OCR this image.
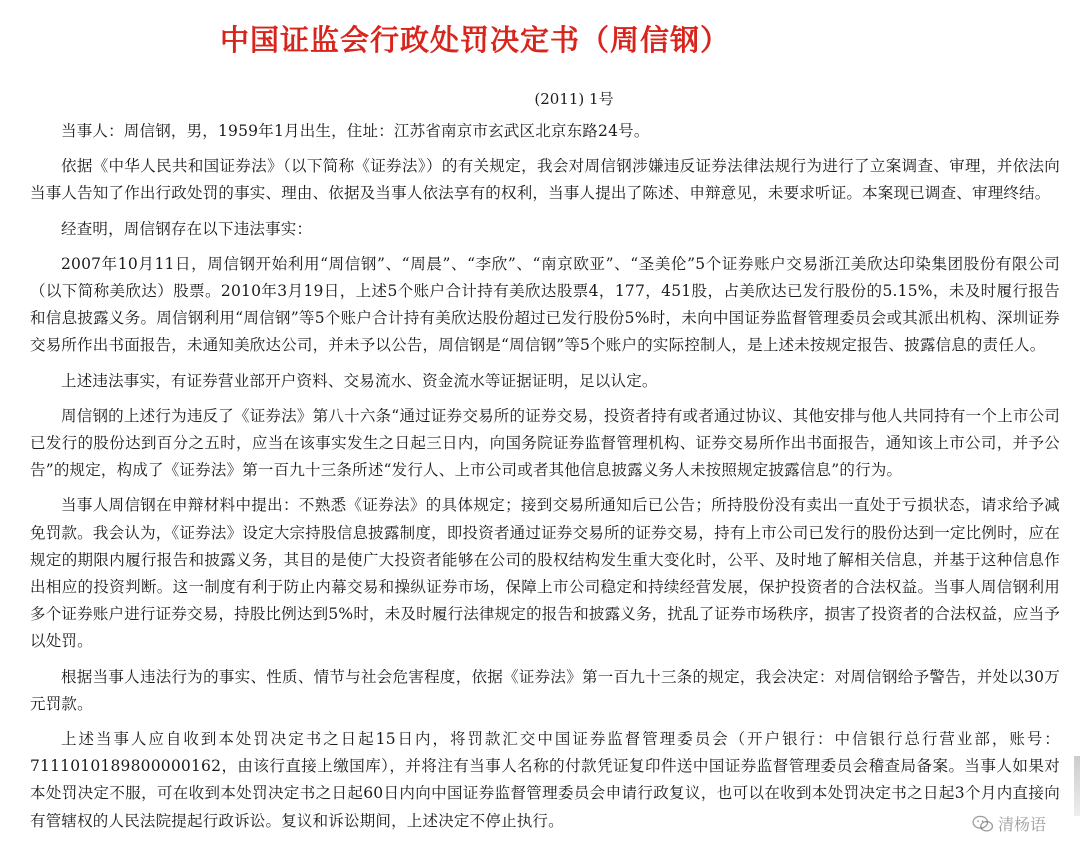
中国证监会行政处罚决定书（周信钢）
(2011) 1号

当事人：周信钢，男，1959年1月出生，住址：江苏省南京市玄武区北京东路24号。

依据《中华人民共和国证券法》（以下简称《证券法》）的有关规定，我会对周信钢涉嫌违反证券法律法规行为进行了立案调查、审理，并依法向当事人告知了作出行政处罚的事实、理由、依据及当事人依法享有的权利，当事人提出了陈述、申辩意见，未要求听证。本案现已调查、审理终结。

经查明，周信钢存在以下违法事实：

2007年10月11日，周信钢开始利用“周信钢”、“周晨”、“李欣”、“南京欧亚”、“圣美伦”5个证券账户交易浙江美欣达印染集团股份有限公司（以下简称美欣达）股票。2010年3月19日，上述5个账户合计持有美欣达股票4，177，451股，占美欣达已发行股份的5.15%，未及时履行报告和信息披露义务。周信钢利用“周信钢”等5个账户合计持有美欣达股份超过已发行股份5%时，未向中国证券监督管理委员会或其派出机构、深圳证券交易所作出书面报告，未通知美欣达公司，并未予以公告，周信钢是“周信钢”等5个账户的实际控制人，是上述未按规定报告、披露信息的责任人。

上述违法事实，有证券营业部开户资料、交易流水、资金流水等证据证明，足以认定。

周信钢的上述行为违反了《证券法》第八十六条“通过证券交易所的证券交易，投资者持有或者通过协议、其他安排与他人共同持有一个上市公司已发行的股份达到百分之五时，应当在该事实发生之日起三日内，向国务院证券监督管理机构、证券交易所作出书面报告，通知该上市公司，并予公告”的规定，构成了《证券法》第一百九十三条所述“发行人、上市公司或者其他信息披露义务人未按照规定披露信息”的行为。

当事人周信钢在申辩材料中提出：不熟悉《证券法》的具体规定；接到交易所通知后已公告；所持股份没有卖出一直处于亏损状态，请求给予减免罚款。我会认为，《证券法》设定大宗持股信息披露制度，即投资者通过证券交易所的证券交易，持有上市公司已发行的股份达到一定比例时，应在规定的期限内履行报告和披露义务，其目的是使广大投资者能够在公司的股权结构发生重大变化时，公平、及时地了解相关信息，并基于这种信息作出相应的投资判断。这一制度有利于防止内幕交易和操纵证券市场，保障上市公司稳定和持续经营发展，保护投资者的合法权益。当事人周信钢利用多个证券账户进行证券交易，持股比例达到5%时，未及时履行法律规定的报告和披露义务，扰乱了证券市场秩序，损害了投资者的合法权益，应当予以处罚。

根据当事人违法行为的事实、性质、情节与社会危害程度，依据《证券法》第一百九十三条的规定，我会决定：对周信钢给予警告，并处以30万元罚款。

上述当事人应自收到本处罚决定书之日起15日内，将罚款汇交中国证券监督管理委员会（开户银行：中信银行总行营业部，账号：7111010189800000162，由该行直接上缴国库），并将注有当事人名称的付款凭证复印件送中国证券监督管理委员会稽查局备案。当事人如果对本处罚决定不服，可在收到本处罚决定书之日起60日内向中国证券监督管理委员会申请行政复议，也可以在收到本处罚决定书之日起3个月内直接向有管辖权的人民法院提起行政诉讼。复议和诉讼期间，上述决定不停止执行。	清杨语
